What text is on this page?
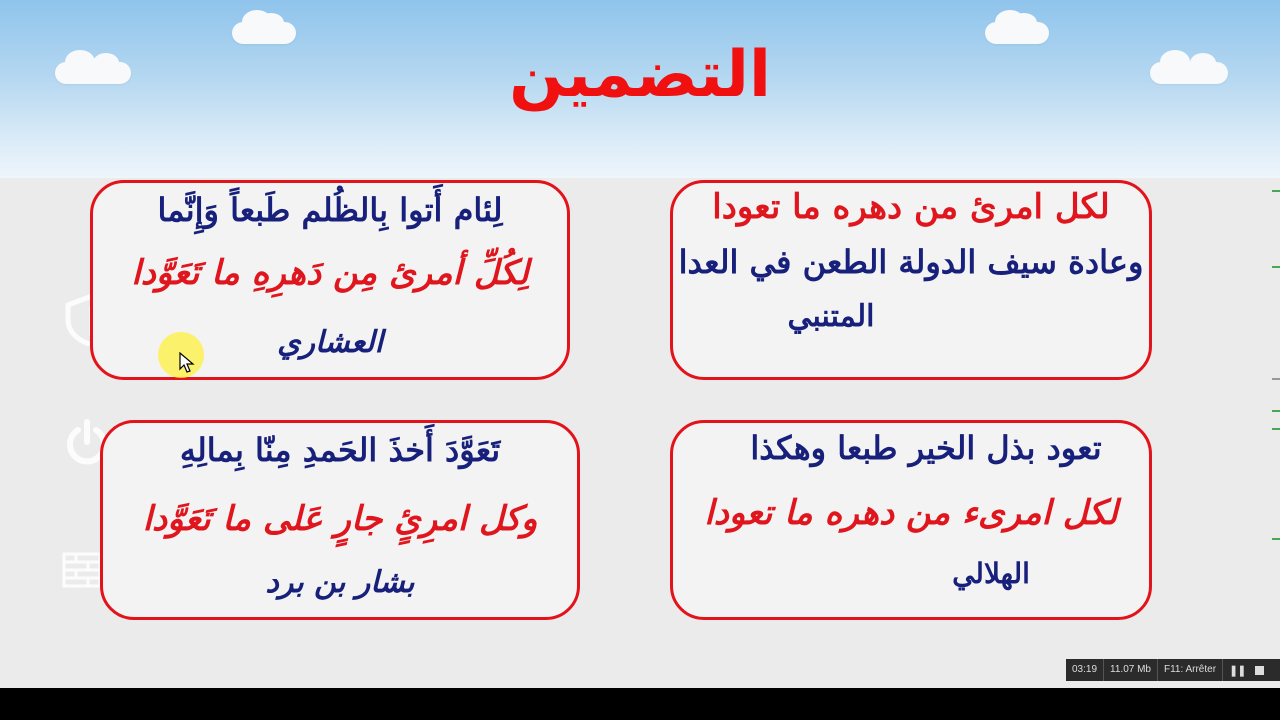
التضمين
لكل امرئ من دهره ما تعودا
وعادة سيف الدولة الطعن في العدا
المتنبي
لِئام أَتوا بِالظُلم طَبعاً وَإِنَّما
لِكُلِّ أمرئ مِن دَهرِهِ ما تَعَوَّدا
العشاري
تعود بذل الخير طبعا وهكذا
لكل امرىء من دهره ما تعودا
الهلالي
تَعَوَّدَ أَخذَ الحَمدِ مِنّا بِمالِهِ
وكل امرِئٍ جارٍ عَلى ما تَعَوَّدا
بشار بن برد
03:19	11.07 Mb	F11: Arrêter	❚❚
